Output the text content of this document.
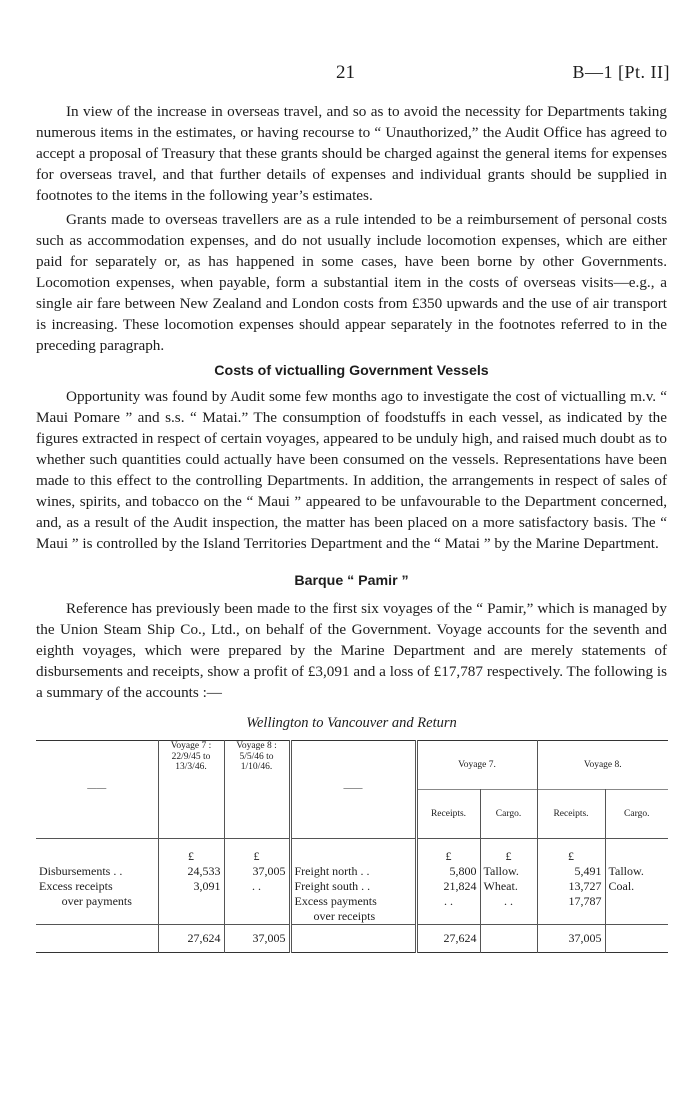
21	B—1 [Pt. II]

In view of the increase in overseas travel, and so as to avoid the necessity for Departments taking numerous items in the estimates, or having recourse to “ Unauthorized,” the Audit Office has agreed to accept a proposal of Treasury that these grants should be charged against the general items for expenses for overseas travel, and that further details of expenses and individual grants should be supplied in footnotes to the items in the following year’s estimates.

Grants made to overseas travellers are as a rule intended to be a reimbursement of personal costs such as accommodation expenses, and do not usually include locomotion expenses, which are either paid for separately or, as has happened in some cases, have been borne by other Governments. Locomotion expenses, when payable, form a substantial item in the costs of overseas visits—e.g., a single air fare between New Zealand and London costs from £350 upwards and the use of air transport is increasing. These locomotion expenses should appear separately in the footnotes referred to in the preceding paragraph.

Costs of victualling Government Vessels

Opportunity was found by Audit some few months ago to investigate the cost of victualling m.v. “ Maui Pomare ” and s.s. “ Matai.” The consumption of foodstuffs in each vessel, as indicated by the figures extracted in respect of certain voyages, appeared to be unduly high, and raised much doubt as to whether such quantities could actually have been consumed on the vessels. Representations have been made to this effect to the controlling Departments. In addition, the arrangements in respect of sales of wines, spirits, and tobacco on the “ Maui ” appeared to be unfavourable to the Department concerned, and, as a result of the Audit inspection, the matter has been placed on a more satisfactory basis. The “ Maui ” is controlled by the Island Territories Department and the “ Matai ” by the Marine Department.

Barque “ Pamir ”

Reference has previously been made to the first six voyages of the “ Pamir,” which is managed by the Union Steam Ship Co., Ltd., on behalf of the Government. Voyage accounts for the seventh and eighth voyages, which were prepared by the Marine Department and are merely statements of disbursements and receipts, show a profit of £3,091 and a loss of £17,787 respectively. The following is a summary of the accounts :—

Wellington to Vancouver and Return
——	Voyage 7 : 22/9/45 to 13/3/46.	Voyage 8 : 5/5/46 to 1/10/46.	——	Voyage 7.		Voyage 8.	
				Receipts.	Cargo.	Receipts.	Cargo.

	£	£		£	£	£	
Disbursements . .	24,533	37,005	Freight north . .	5,800	Tallow.	5,491	Tallow.
Excess receipts	3,091	. .	Freight south . .	21,824	Wheat.	13,727	Coal.
over payments			Excess payments	. .	. .	17,787	
			over receipts				
	27,624	37,005		27,624		37,005	
